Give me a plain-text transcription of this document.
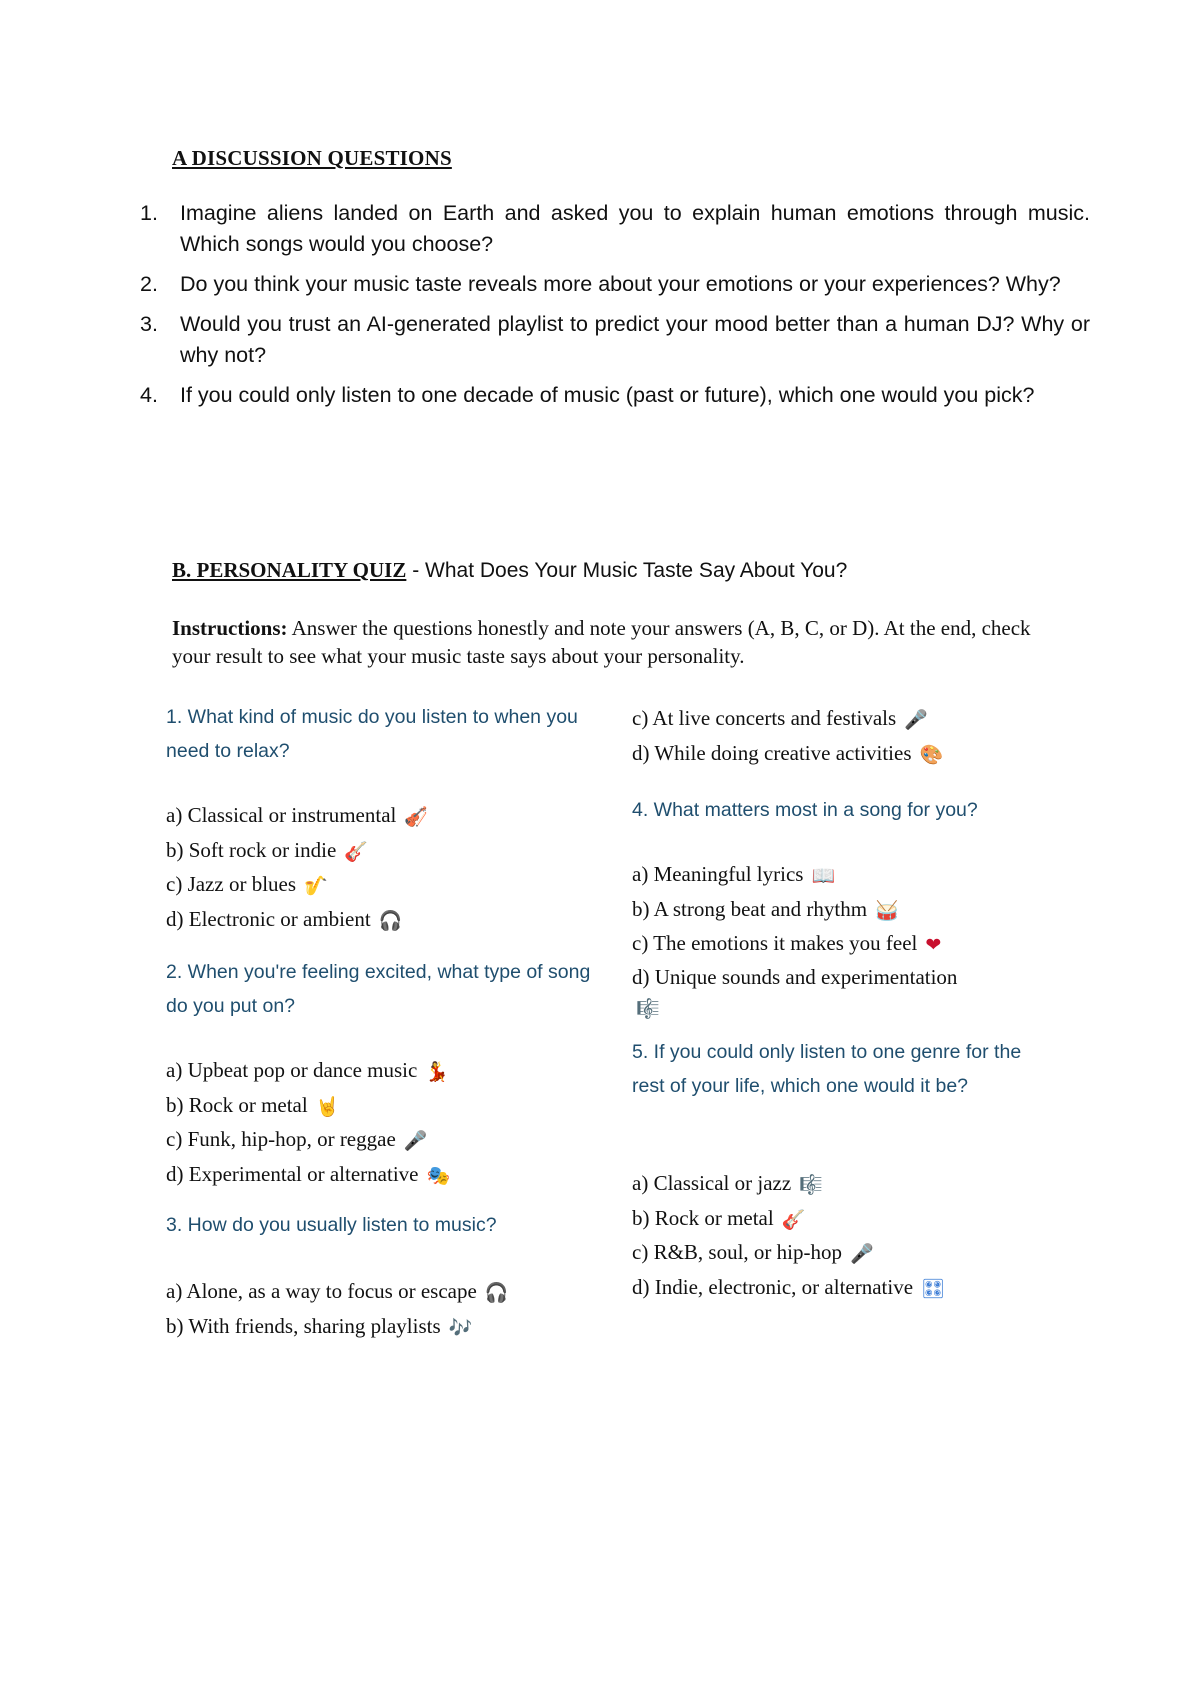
A DISCUSSION QUESTIONS
1.	Imagine aliens landed on Earth and asked you to explain human emotions through music. Which songs would you choose?
2.	Do you think your music taste reveals more about your emotions or your experiences? Why?
3.	Would you trust an AI-generated playlist to predict your mood better than a human DJ? Why or why not?
4.	If you could only listen to one decade of music (past or future), which one would you pick?
B. PERSONALITY QUIZ - What Does Your Music Taste Say About You?
Instructions: Answer the questions honestly and note your answers (A, B, C, or D). At the end, check your result to see what your music taste says about your personality.
1. What kind of music do you listen to when you need to relax?
a) Classical or instrumental 🎻
b) Soft rock or indie 🎸
c) Jazz or blues 🎷
d) Electronic or ambient 🎧
2. When you're feeling excited, what type of song do you put on?
a) Upbeat pop or dance music 💃
b) Rock or metal 🤘
c) Funk, hip-hop, or reggae 🎤
d) Experimental or alternative 🎭
3. How do you usually listen to music?
a) Alone, as a way to focus or escape 🎧
b) With friends, sharing playlists 🎶
c) At live concerts and festivals 🎤
d) While doing creative activities 🎨
4. What matters most in a song for you?
a) Meaningful lyrics 📖
b) A strong beat and rhythm 🥁
c) The emotions it makes you feel ❤
d) Unique sounds and experimentation
🎼
5. If you could only listen to one genre for the rest of your life, which one would it be?
a) Classical or jazz 🎼
b) Rock or metal 🎸
c) R&B, soul, or hip-hop 🎤
d) Indie, electronic, or alternative 🎛
